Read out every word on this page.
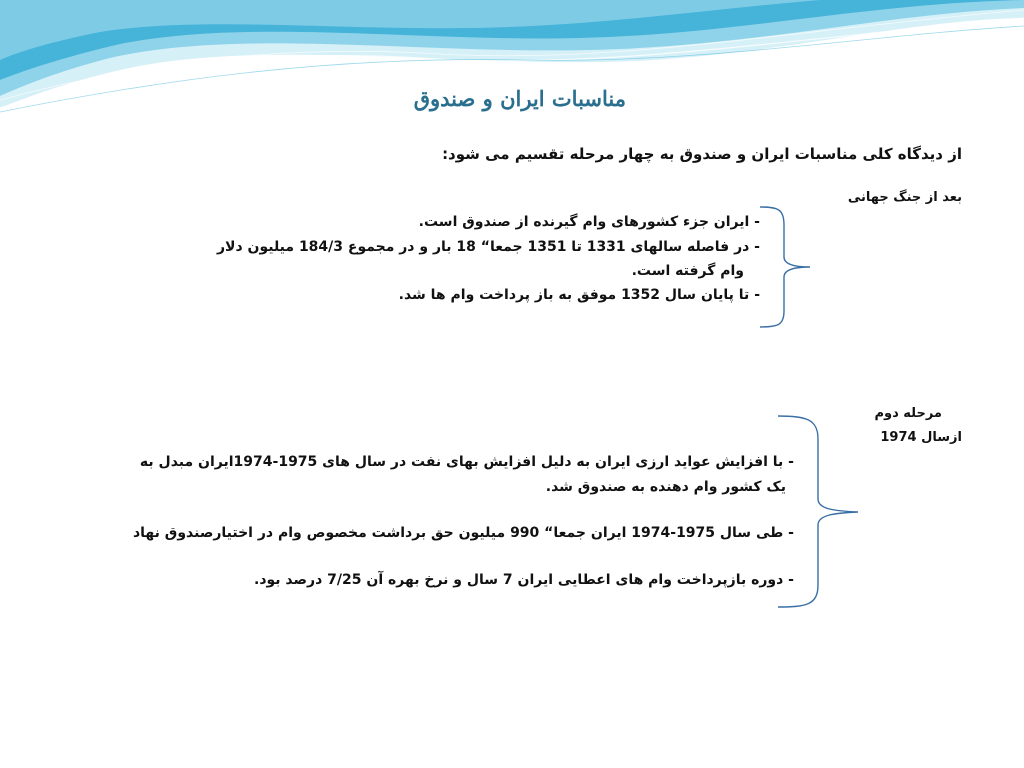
مناسبات ایران و صندوق
از دیدگاه کلی مناسبات ایران و صندوق به چهار مرحله تقسیم می شود:
بعد از جنگ جهانی
- ایران جزء کشورهای وام گیرنده از صندوق است.
- در فاصله سالهای 1331 تا 1351 جمعا“ 18 بار و در مجموع 184/3 میلیون دلار
وام گرفته است.
- تا پایان سال 1352 موفق به باز پرداخت وام ها شد.
مرحله دوم
ازسال 1974
- با افزایش عواید ارزی ایران به دلیل افزایش بهای نفت در سال های 1975-1974ایران مبدل به
یک کشور وام دهنده به صندوق شد.
- طی سال 1975-1974 ایران جمعا“ 990 میلیون حق برداشت مخصوص وام در اختیارصندوق نهاد
- دوره بازپرداخت وام های اعطایی ایران 7 سال و نرخ بهره آن 7/25 درصد بود.
